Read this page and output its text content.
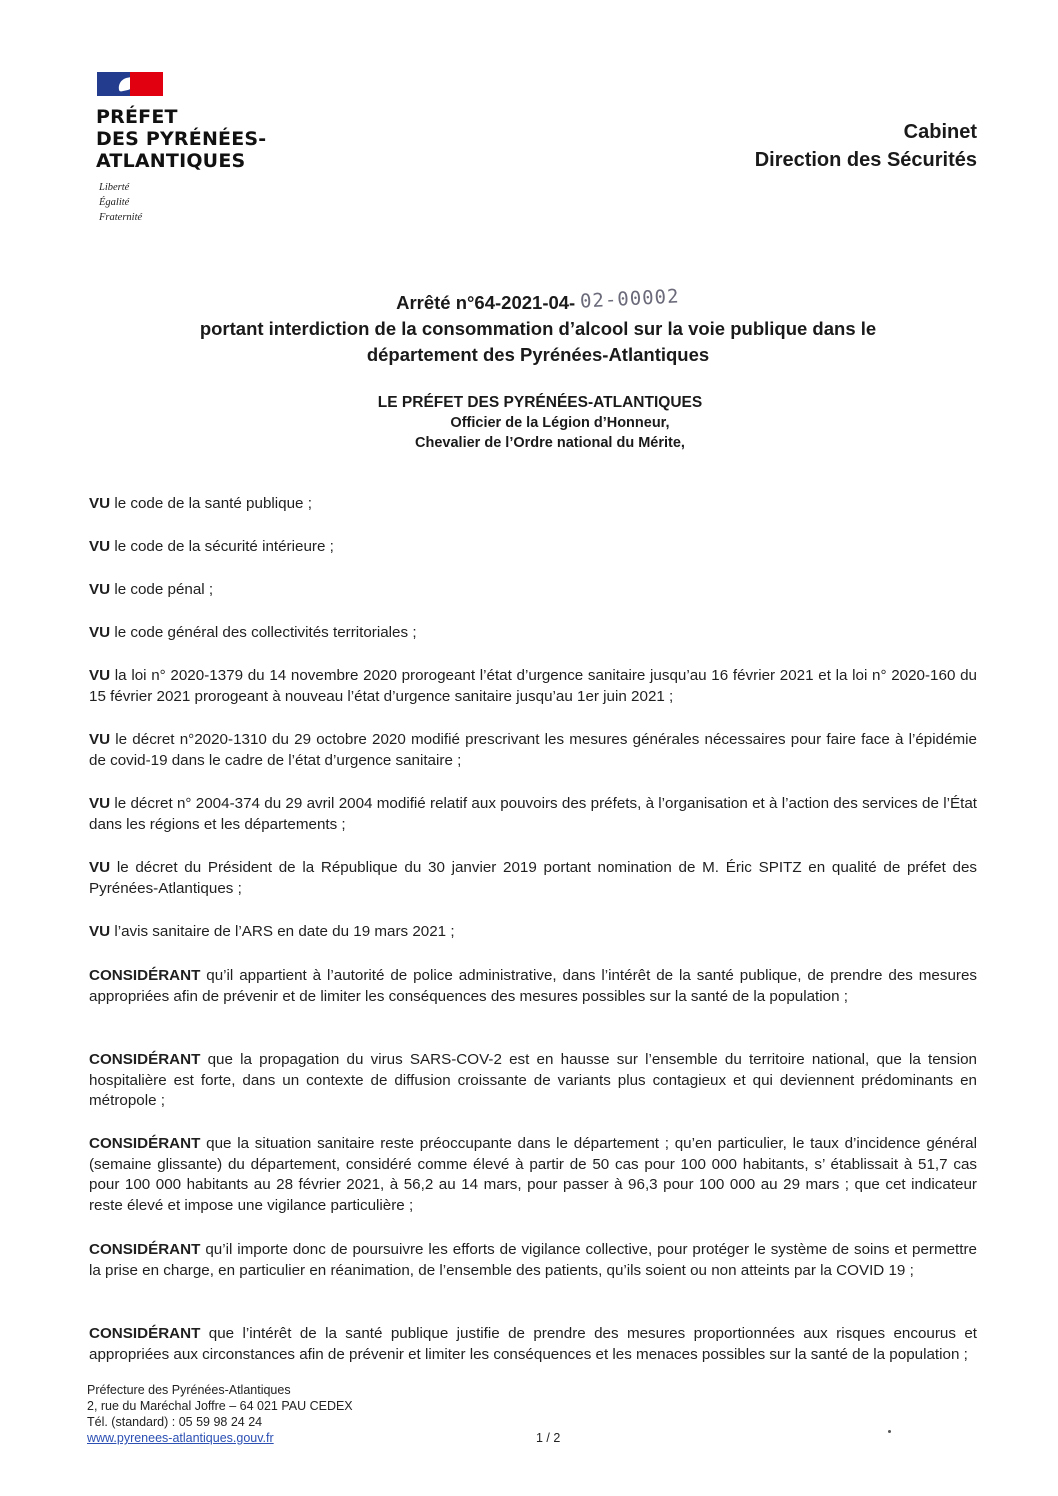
PRÉFET
DES PYRÉNÉES-
ATLANTIQUES
Liberté
Égalité
Fraternité
Cabinet
Direction des Sécurités
Arrêté n°64-2021-04- 02-00002
portant interdiction de la consommation d’alcool sur la voie publique dans le
département des Pyrénées-Atlantiques
LE PRÉFET DES PYRÉNÉES-ATLANTIQUES
Officier de la Légion d’Honneur,
Chevalier de l’Ordre national du Mérite,

VU le code de la santé publique ;

VU le code de la sécurité intérieure ;

VU le code pénal ;

VU le code général des collectivités territoriales ;

VU la loi n° 2020-1379 du 14 novembre 2020 prorogeant l’état d’urgence sanitaire jusqu’au 16 février 2021 et la loi n° 2020-160 du 15 février 2021 prorogeant à nouveau l’état d’urgence sanitaire jusqu’au 1er juin 2021 ;

VU le décret n°2020-1310 du 29 octobre 2020 modifié prescrivant les mesures générales nécessaires pour faire face à l’épidémie de covid-19 dans le cadre de l’état d’urgence sanitaire ;

VU le décret n° 2004-374 du 29 avril 2004 modifié relatif aux pouvoirs des préfets, à l’organisation et à l’action des services de l’État dans les régions et les départements ;

VU le décret du Président de la République du 30 janvier 2019 portant nomination de M. Éric SPITZ en qualité de préfet des Pyrénées-Atlantiques ;

VU l’avis sanitaire de l’ARS en date du 19 mars 2021 ;

CONSIDÉRANT qu’il appartient à l’autorité de police administrative, dans l’intérêt de la santé publique, de prendre des mesures appropriées afin de prévenir et de limiter les conséquences des mesures possibles sur la santé de la population ;

CONSIDÉRANT que la propagation du virus SARS-COV-2 est en hausse sur l’ensemble du territoire national, que la tension hospitalière est forte, dans un contexte de diffusion croissante de variants plus contagieux et qui deviennent prédominants en métropole ;

CONSIDÉRANT que la situation sanitaire reste préoccupante dans le département ; qu’en particulier, le taux d’incidence général (semaine glissante) du département, considéré comme élevé à partir de 50 cas pour 100 000 habitants, s’ établissait à 51,7 cas pour 100 000 habitants au 28 février 2021, à 56,2 au 14 mars, pour passer à 96,3 pour 100 000 au 29 mars ; que cet indicateur reste élevé et impose une vigilance particulière ;

CONSIDÉRANT qu’il importe donc de poursuivre les efforts de vigilance collective, pour protéger le système de soins et permettre la prise en charge, en particulier en réanimation, de l’ensemble des patients, qu’ils soient ou non atteints par la COVID 19 ;

CONSIDÉRANT que l’intérêt de la santé publique justifie de prendre des mesures proportionnées aux risques encourus et appropriées aux circonstances afin de prévenir et limiter les conséquences et les menaces possibles sur la santé de la population ;

Préfecture des Pyrénées-Atlantiques
2, rue du Maréchal Joffre – 64 021 PAU CEDEX
Tél. (standard) : 05 59 98 24 24
www.pyrenees-atlantiques.gouv.fr	1 / 2
